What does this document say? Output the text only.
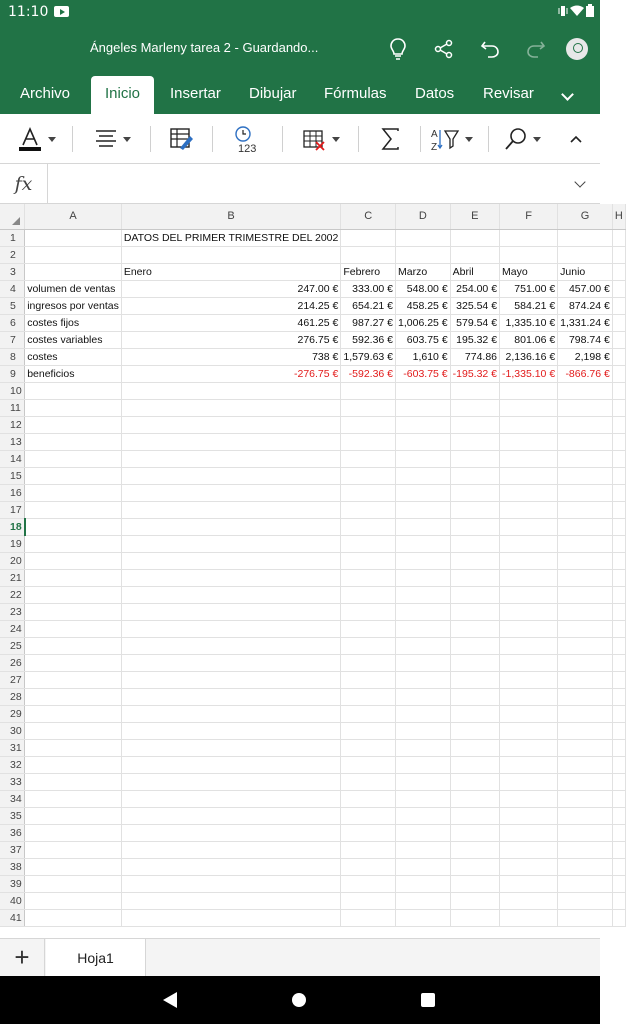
11:10
Ángeles Marleny tarea 2 - Guardando...
Archivo	Inicio	Insertar	Dibujar	Fórmulas	Datos	Revisar
123
A
Z
fx
	A	B	C	D	E	F	G	H
1		DATOS DEL PRIMER TRIMESTRE DEL 2002						
2								
3		Enero	Febrero	Marzo	Abril	Mayo	Junio	
4	volumen de ventas	247.00 €	333.00 €	548.00 €	254.00 €	751.00 €	457.00 €	
5	ingresos por ventas	214.25 €	654.21 €	458.25 €	325.54 €	584.21 €	874.24 €	
6	costes fijos	461.25 €	987.27 €	1,006.25 €	579.54 €	1,335.10 €	1,331.24 €	
7	costes variables	276.75 €	592.36 €	603.75 €	195.32 €	801.06 €	798.74 €	
8	costes	738 €	1,579.63 €	1,610 €	774.86	2,136.16 €	2,198 €	
9	beneficios	-276.75 €	-592.36 €	-603.75 €	-195.32 €	-1,335.10 €	-866.76 €	
10								
11								
12								
13								
14								
15								
16								
17								
18								
19								
20								
21								
22								
23								
24								
25								
26								
27								
28								
29								
30								
31								
32								
33								
34								
35								
36								
37								
38								
39								
40								
41								
+	Hoja1
